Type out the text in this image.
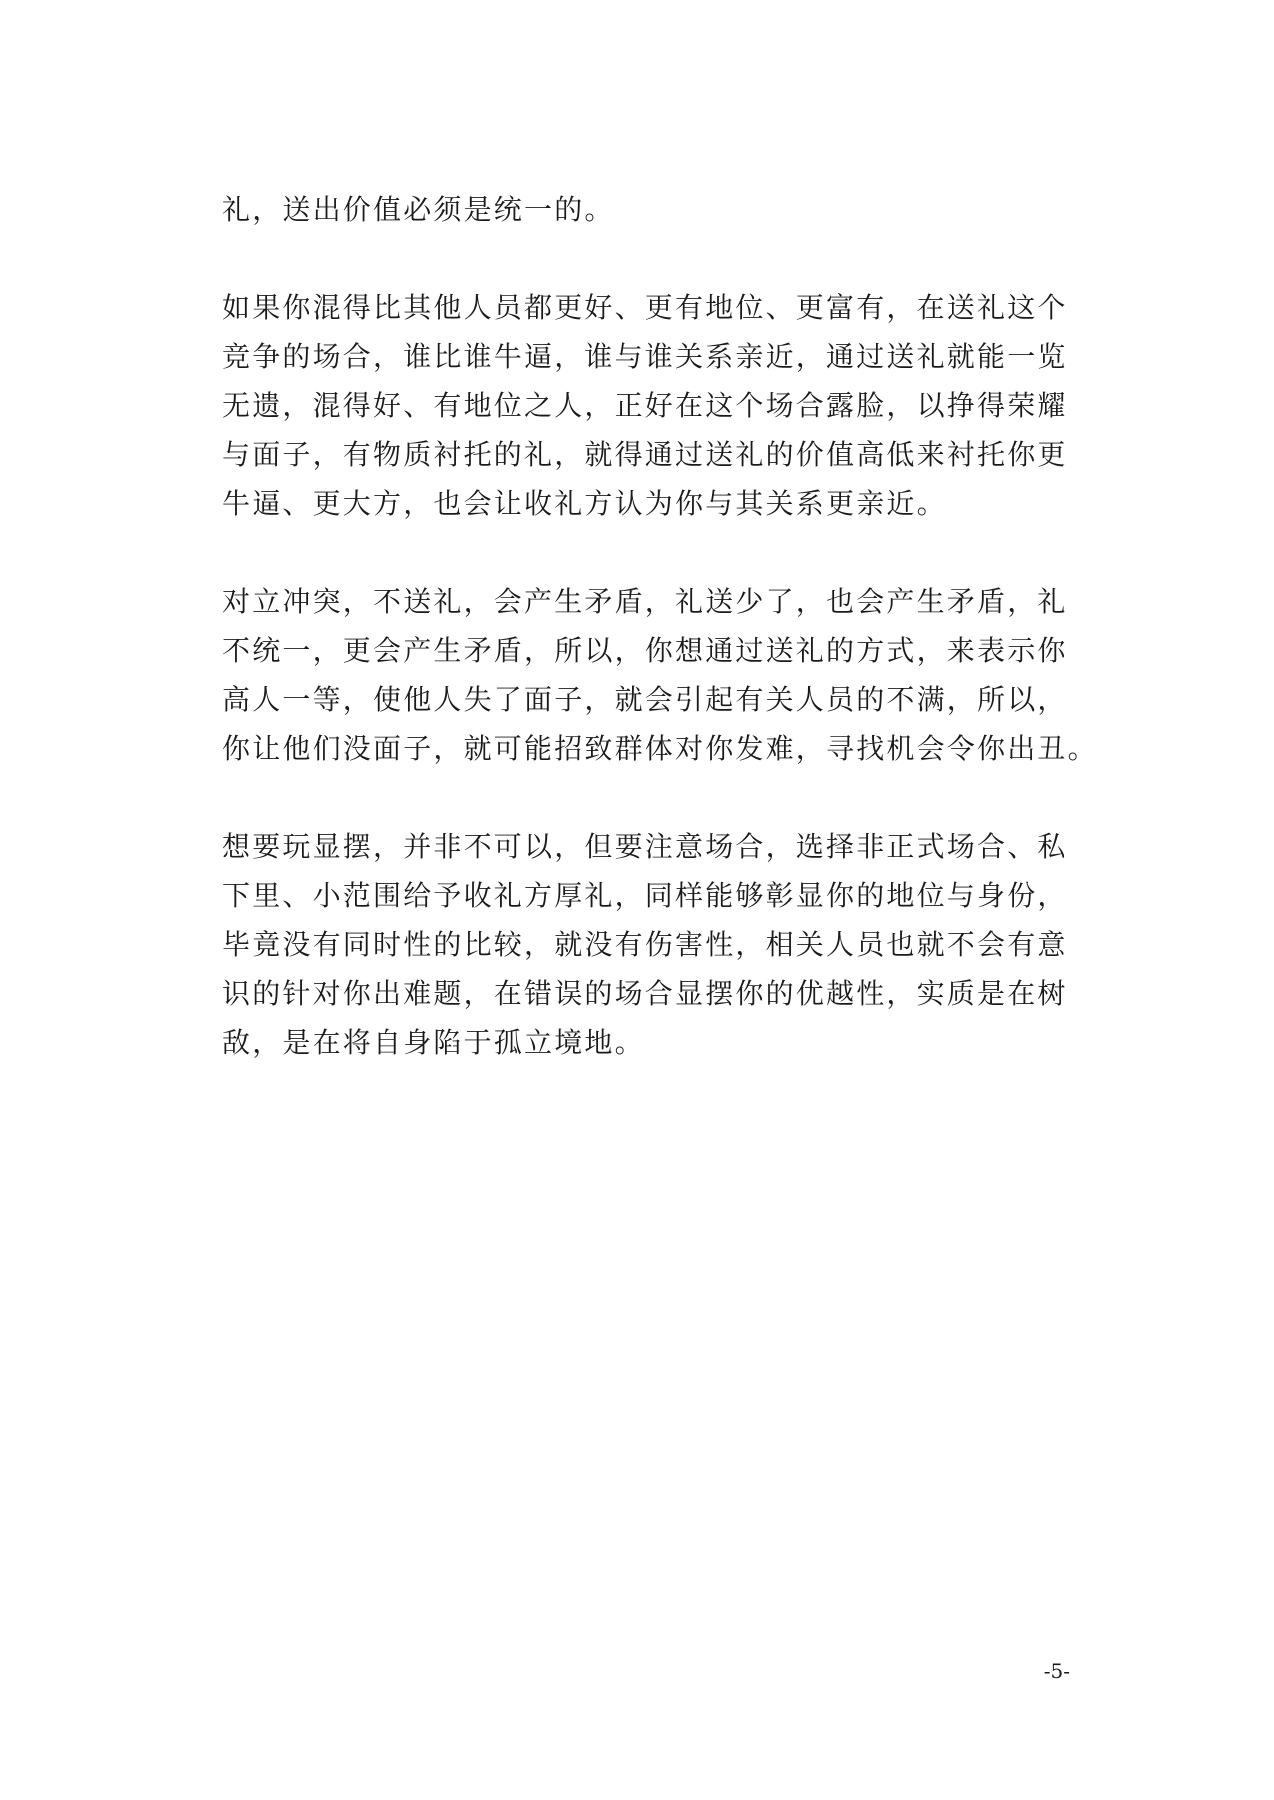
礼，送出价值必须是统一的。
如果你混得比其他人员都更好、更有地位、更富有，在送礼这个
竞争的场合，谁比谁牛逼，谁与谁关系亲近，通过送礼就能一览
无遗，混得好、有地位之人，正好在这个场合露脸，以挣得荣耀
与面子，有物质衬托的礼，就得通过送礼的价值高低来衬托你更
牛逼、更大方，也会让收礼方认为你与其关系更亲近。
对立冲突，不送礼，会产生矛盾，礼送少了，也会产生矛盾，礼
不统一，更会产生矛盾，所以，你想通过送礼的方式，来表示你
高人一等，使他人失了面子，就会引起有关人员的不满，所以，
你让他们没面子，就可能招致群体对你发难，寻找机会令你出丑。
想要玩显摆，并非不可以，但要注意场合，选择非正式场合、私
下里、小范围给予收礼方厚礼，同样能够彰显你的地位与身份，
毕竟没有同时性的比较，就没有伤害性，相关人员也就不会有意
识的针对你出难题，在错误的场合显摆你的优越性，实质是在树
敌，是在将自身陷于孤立境地。
-5-
